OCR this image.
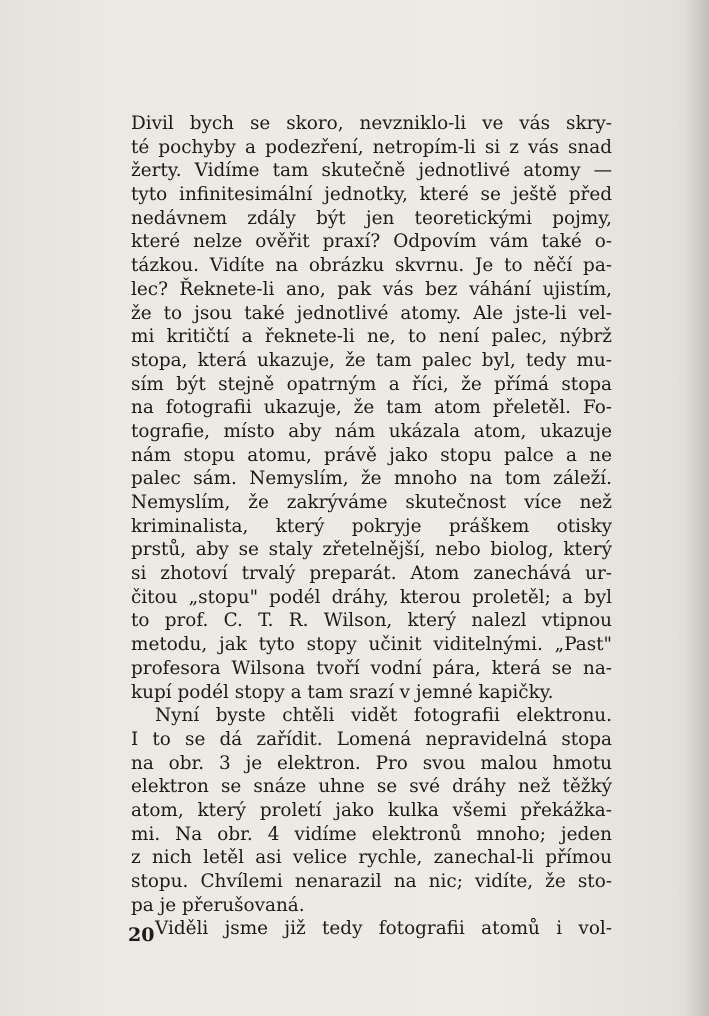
Divil bych se skoro, nevzniklo-li ve vás skry-
té pochyby a podezření, netropím-li si z vás snad
žerty. Vidíme tam skutečně jednotlivé atomy —
tyto infinitesimální jednotky, které se ještě před
nedávnem zdály být jen teoretickými pojmy,
které nelze ověřit praxí? Odpovím vám také o-
tázkou. Vidíte na obrázku skvrnu. Je to něčí pa-
lec? Řeknete-li ano, pak vás bez váhání ujistím,
že to jsou také jednotlivé atomy. Ale jste-li vel-
mi kritičtí a řeknete-li ne, to není palec, nýbrž
stopa, která ukazuje, že tam palec byl, tedy mu-
sím být stejně opatrným a říci, že přímá stopa
na fotografii ukazuje, že tam atom přeletěl. Fo-
tografie, místo aby nám ukázala atom, ukazuje
nám stopu atomu, právě jako stopu palce a ne
palec sám. Nemyslím, že mnoho na tom záleží.
Nemyslím, že zakrýváme skutečnost více než
kriminalista, který pokryje práškem otisky
prstů, aby se staly zřetelnější, nebo biolog, který
si zhotoví trvalý preparát. Atom zanechává ur-
čitou „stopu" podél dráhy, kterou proletěl; a byl
to prof. C. T. R. Wilson, který nalezl vtipnou
metodu, jak tyto stopy učinit viditelnými. „Past"
profesora Wilsona tvoří vodní pára, která se na-
kupí podél stopy a tam srazí v jemné kapičky.
Nyní byste chtěli vidět fotografii elektronu.
I to se dá zařídit. Lomená nepravidelná stopa
na obr. 3 je elektron. Pro svou malou hmotu
elektron se snáze uhne se své dráhy než těžký
atom, který proletí jako kulka všemi překážka-
mi. Na obr. 4 vidíme elektronů mnoho; jeden
z nich letěl asi velice rychle, zanechal-li přímou
stopu. Chvílemi nenarazil na nic; vidíte, že sto-
pa je přerušovaná.
Viděli jsme již tedy fotografii atomů i vol-
20
